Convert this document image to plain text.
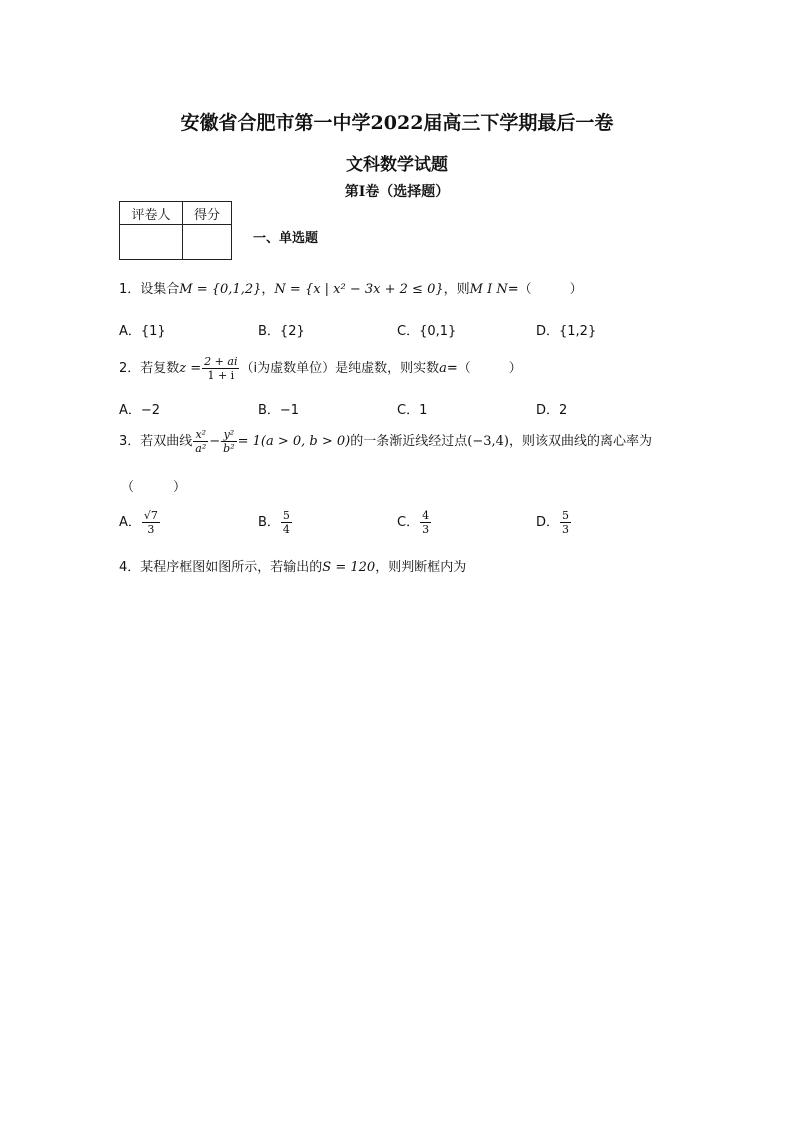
安徽省合肥市第一中学2022届高三下学期最后一卷
文科数学试题
第I卷（选择题）
评卷人	得分

一、单选题
1．设集合M = {0,1,2}，N = {x | x² − 3x + 2 ≤ 0}，则M I N=（	）
A．{1}	B．{2}	C．{0,1}	D．{1,2}
2．若复数$z = \frac{2 + ai}{1 + i} (i$为虚数单位）是纯虚数，则实数a=（	）
A．−2	B．−1	C．1	D．2
3．若双曲线 $\frac{\text{x²}}{\text{a²}} - \frac{\text{y²}}{\text{b²}} = 1(a > 0$, b > 0)的一条渐近线经过点(−3,4)，则该双曲线的离心率为
（　　　）
A． $\frac{√7}{3}$	B． $\frac{5}{4}$	C． $\frac{4}{3}$	D． $\frac{5}{3}$
4．某程序框图如图所示，若输出的S = 120，则判断框内为
